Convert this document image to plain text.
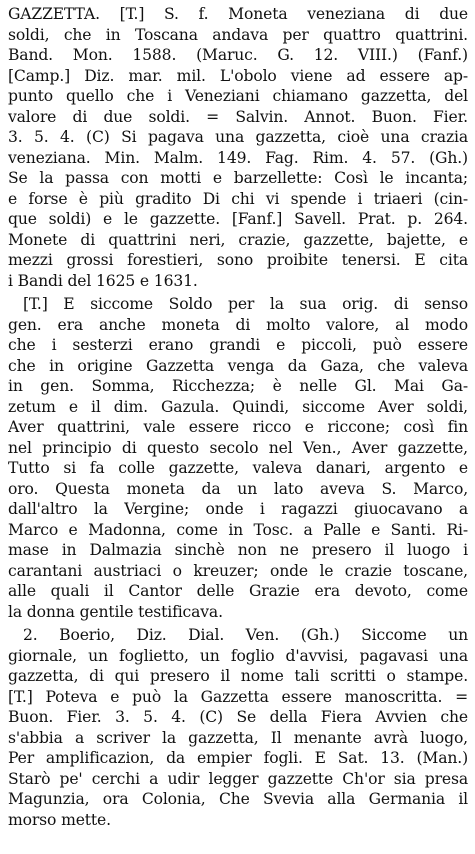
GAZZETTA. [T.] S. f. Moneta veneziana di due
soldi, che in Toscana andava per quattro quattrini.
Band. Mon. 1588. (Maruc. G. 12. VIII.) (Fanf.)
[Camp.] Diz. mar. mil. L'obolo viene ad essere ap-
punto quello che i Veneziani chiamano gazzetta, del
valore di due soldi. = Salvin. Annot. Buon. Fier.
3. 5. 4. (C) Si pagava una gazzetta, cioè una crazia
veneziana. Min. Malm. 149. Fag. Rim. 4. 57. (Gh.)
Se la passa con motti e barzellette: Così le incanta;
e forse è più gradito Di chi vi spende i triaeri (cin-
que soldi) e le gazzette. [Fanf.] Savell. Prat. p. 264.
Monete di quattrini neri, crazie, gazzette, bajette, e
mezzi grossi forestieri, sono proibite tenersi. E cita
i Bandi del 1625 e 1631.
[T.] E siccome Soldo per la sua orig. di senso
gen. era anche moneta di molto valore, al modo
che i sesterzi erano grandi e piccoli, può essere
che in origine Gazzetta venga da Gaza, che valeva
in gen. Somma, Ricchezza; è nelle Gl. Mai Ga-
zetum e il dim. Gazula. Quindi, siccome Aver soldi,
Aver quattrini, vale essere ricco e riccone; così fin
nel principio di questo secolo nel Ven., Aver gazzette,
Tutto si fa colle gazzette, valeva danari, argento e
oro. Questa moneta da un lato aveva S. Marco,
dall'altro la Vergine; onde i ragazzi giuocavano a
Marco e Madonna, come in Tosc. a Palle e Santi. Ri-
mase in Dalmazia sinchè non ne presero il luogo i
carantani austriaci o kreuzer; onde le crazie toscane,
alle quali il Cantor delle Grazie era devoto, come
la donna gentile testificava.
2. Boerio, Diz. Dial. Ven. (Gh.) Siccome un
giornale, un foglietto, un foglio d'avvisi, pagavasi una
gazzetta, di qui presero il nome tali scritti o stampe.
[T.] Poteva e può la Gazzetta essere manoscritta. =
Buon. Fier. 3. 5. 4. (C) Se della Fiera Avvien che
s'abbia a scriver la gazzetta, Il menante avrà luogo,
Per amplificazion, da empier fogli. E Sat. 13. (Man.)
Starò pe' cerchi a udir legger gazzette Ch'or sia presa
Magunzia, ora Colonia, Che Svevia alla Germania il
morso mette.
